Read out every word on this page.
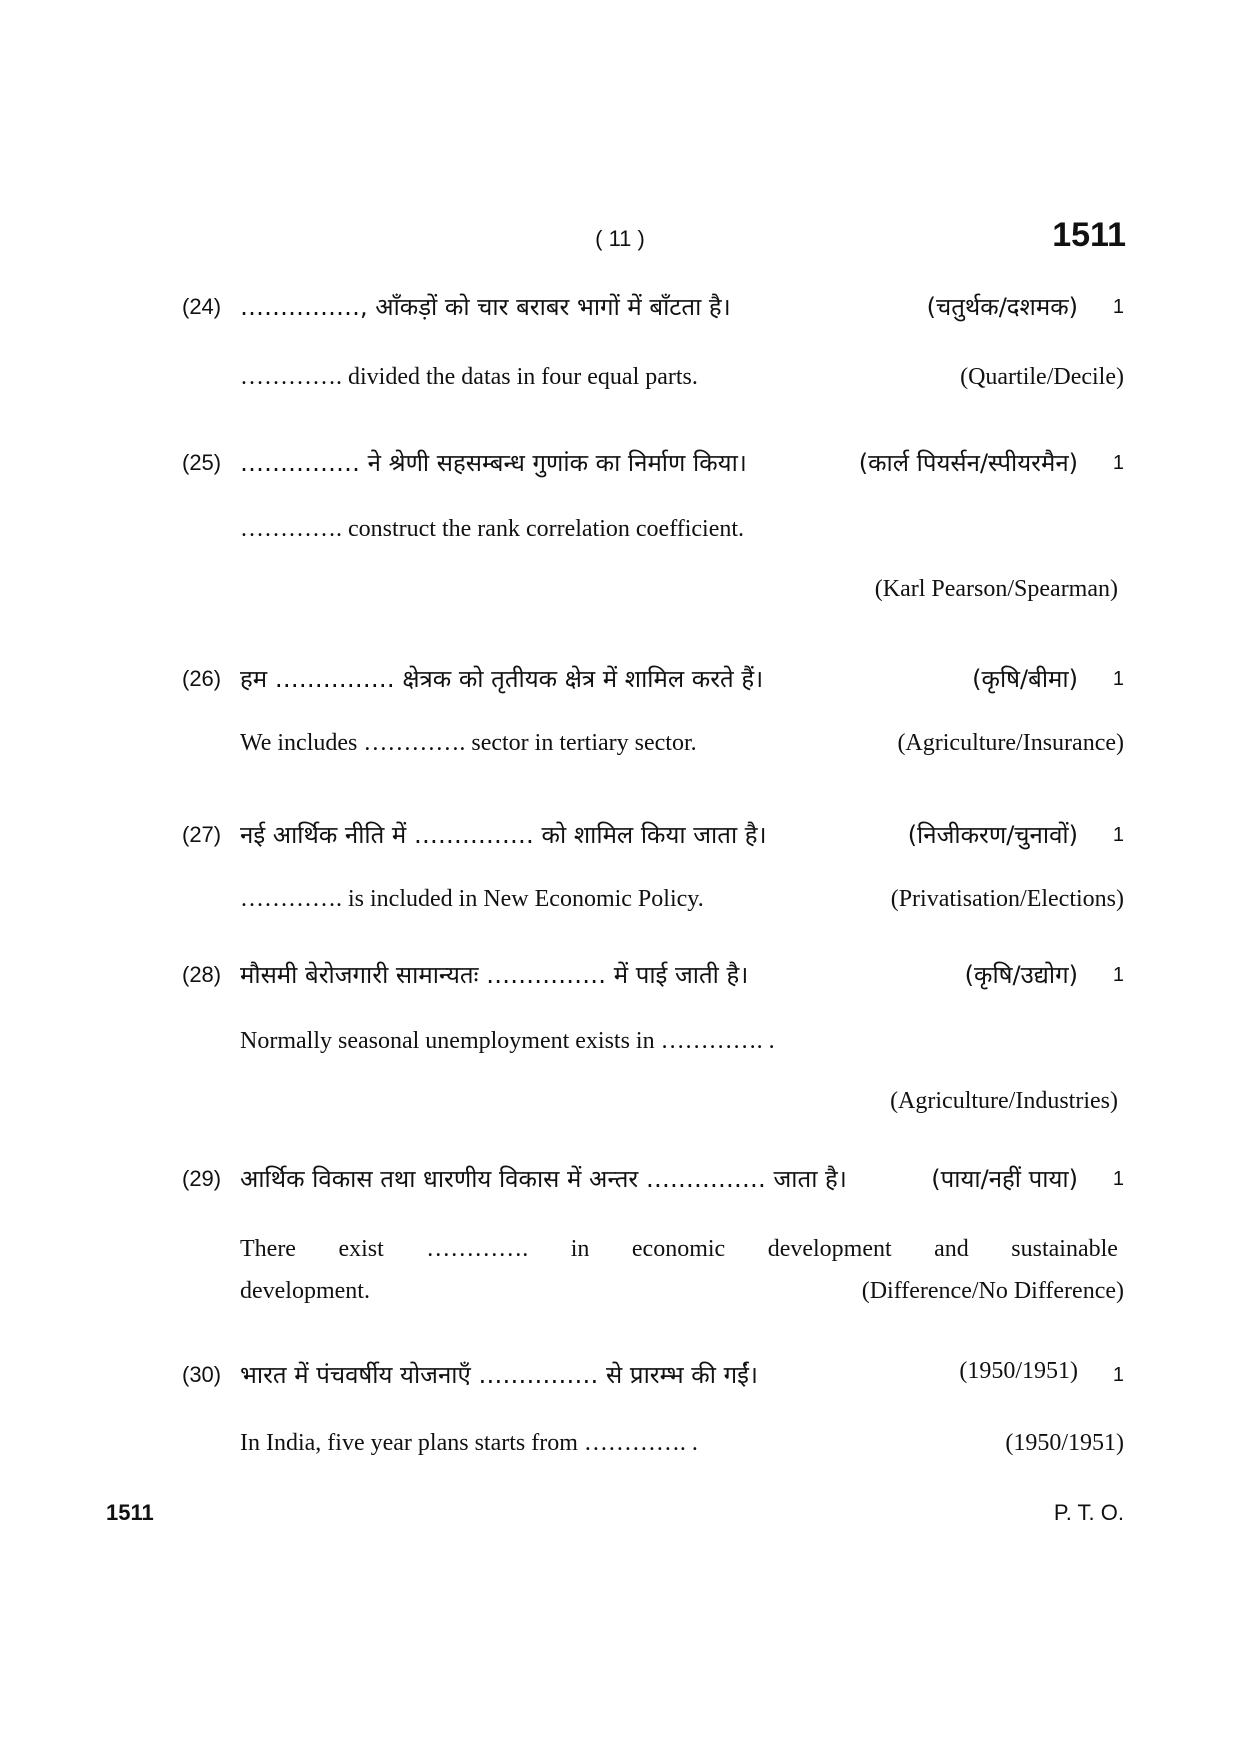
( 11 )	1511
(24) ……………, आँकड़ों को चार बराबर भागों में बाँटता है।	(चतुर्थक/दशमक) 1
…………. divided the datas in four equal parts.	(Quartile/Decile)
(25) …………… ने श्रेणी सहसम्बन्ध गुणांक का निर्माण किया।	(कार्ल पियर्सन/स्पीयरमैन) 1
…………. construct the rank correlation coefficient.
(Karl Pearson/Spearman)
(26) हम …………… क्षेत्रक को तृतीयक क्षेत्र में शामिल करते हैं।	(कृषि/बीमा) 1
We includes …………. sector in tertiary sector.	(Agriculture/Insurance)
(27) नई आर्थिक नीति में …………… को शामिल किया जाता है।	(निजीकरण/चुनावों) 1
…………. is included in New Economic Policy.	(Privatisation/Elections)
(28) मौसमी बेरोजगारी सामान्यतः …………… में पाई जाती है।	(कृषि/उद्योग) 1
Normally seasonal unemployment exists in …………. .
(Agriculture/Industries)
(29) आर्थिक विकास तथा धारणीय विकास में अन्तर …………… जाता है।	(पाया/नहीं पाया) 1
There exist …………. in economic development and sustainable
development.	(Difference/No Difference)
(30) भारत में पंचवर्षीय योजनाएँ …………… से प्रारम्भ की गईं।	(1950/1951) 1
In India, five year plans starts from …………. .	(1950/1951)
1511	P. T. O.
